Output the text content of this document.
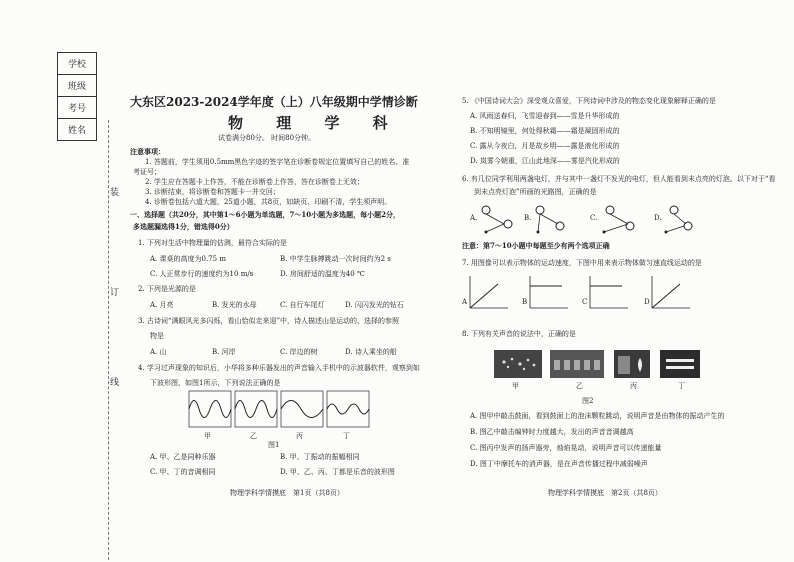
学校
班级
考号
姓名
装
订
线
大东区2023-2024学年度（上）八年级期中学情诊断
物 理 学 科
试卷满分80分。 时间80分钟。
注意事项：
1. 答题前，学生须用0.5mm黑色字迹的签字笔在诊断卷规定位置填写自己的姓名、准
考证号；
2. 学生应在答题卡上作答，不能在诊断卷上作答，答在诊断卷上无效；
3. 诊断结束，将诊断卷和答题卡一并交回；
4. 诊断卷包括六道大题，25道小题，共8页，如缺页、印刷不清，学生须声明。
一、选择题（共20分，其中第1～6小题为单选题，7～10小题为多选题，每小题2分，
多选题漏选得1分，错选得0分）
1. 下列对生活中物理量的估测，最符合实际的是
A. 课桌的高度为0.75 m	B. 中学生脉搏跳动一次时间约为2 s
C. 人正常步行的速度约为10 m/s	D. 房间舒适的温度为40 ℃
2. 下列是光源的是
A. 月亮	B. 发光的水母	C. 自行车尾灯	D. 闪闪发光的钻石
3. 古诗词“满眼风光多闪烁，看山恰似走来迎”中，诗人描述山是运动的，选择的参照
物是
A. 山	B. 河岸	C. 岸边的树	D. 诗人乘坐的船
4. 学习过声现象的知识后，小华将多种乐器发出的声音输入手机中的示波器软件，观察到如
下波形图，如图1所示，下列说法正确的是
甲	乙	丙	丁
图1
A. 甲、乙是同种乐器	B. 甲、丁振动的振幅相同
C. 甲、丁的音调相同	D. 甲、乙、丙、丁都是乐音的波形图
物理学科学情摸底　第1页（共8页）
5. 《中国诗词大会》深受观众喜爱，下列诗词中涉及的物态变化现象解释正确的是
A. 风雨送春归，飞雪迎春到——雪是升华形成的
B. 不知明镜里，何处得秋霜——霜是凝固形成的
C. 露从今夜白，月是故乡明——露是液化形成的
D. 岚雾今朝重，江山此地深——雾是汽化形成的
6. 有几位同学利用两盏电灯，并与其中一盏灯不发光的电灯，但人能看到未点亮的灯泡。以下对于“看
到未点亮灯泡”所画的光路图，正确的是
A.	B.	C.	D.
注意：第7～10小题中每题至少有两个选项正确
7. 用图像可以表示物体的运动速度，下图中用来表示物体做匀速直线运动的是
A	B	C	D
8. 下列有关声音的说法中，正确的是
甲	乙	丙	丁
图2
A. 图甲中敲击鼓面，看到鼓面上的泡沫颗粒跳动，说明声音是由物体的振动产生的
B. 图乙中敲击编钟时力度越大，发出的声音音调越高
C. 图丙中发声的扬声器旁，烛焰晃动，说明声音可以传递能量
D. 图丁中摩托车的消声器，是在声音传播过程中减弱噪声
物理学科学情摸底　第2页（共8页）
